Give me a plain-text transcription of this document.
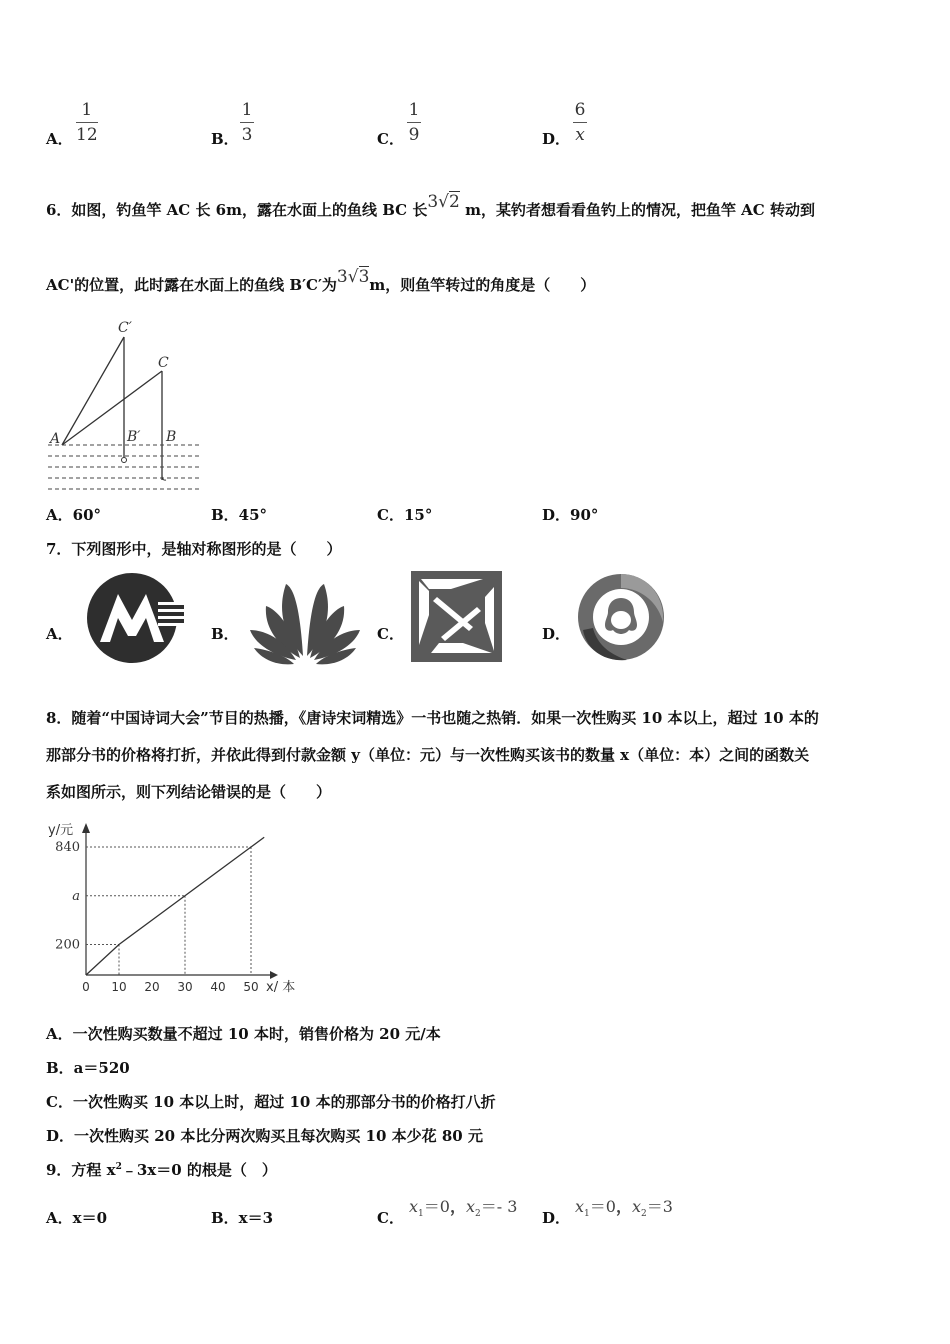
A．
1
12	B．
1
3	C．
1
9	D．
6
x
6．如图，钓鱼竿 AC 长 6m，露在水面上的鱼线 BC 长3√2 m，某钓者想看看鱼钓上的情况，把鱼竿 AC 转动到
AC'的位置，此时露在水面上的鱼线 B′C′为3√3m，则鱼竿转过的角度是（　　）
C′
C
A	B′ B
A．60°	B．45°	C．15°	D．90°
7．下列图形中，是轴对称图形的是（　　）
A．	B．	C．	D．
8．随着“中国诗词大会”节目的热播，《唐诗宋词精选》一书也随之热销．如果一次性购买 10 本以上，超过 10 本的
那部分书的价格将打折，并依此得到付款金额 y（单位：元）与一次性购买该书的数量 x（单位：本）之间的函数关
系如图所示，则下列结论错误的是（　　）
y/元
x/ 本
0 10 20 30 40 50
200
a
840
A．一次性购买数量不超过 10 本时，销售价格为 20 元/本
B．a＝520
C．一次性购买 10 本以上时，超过 10 本的那部分书的价格打八折
D．一次性购买 20 本比分两次购买且每次购买 10 本少花 80 元
9．方程 $x^2﹣3x=0$ 的根是（　）
A．x＝0	B．x＝3	C．
$x_1=0$，$x_2=-$ 3
D．
$x_1=0$，$x_2=3$
